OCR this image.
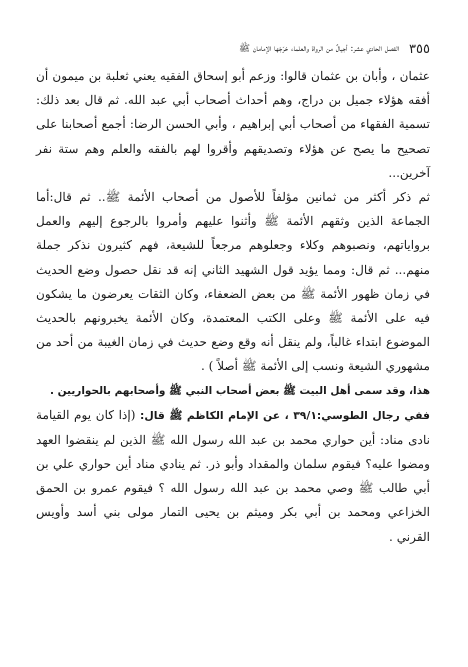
٣٥٥
الفصل الحادي عشر: أجيالٌ من الرواة والعلماء خرّجَها الإمامان ﷺ

عثمان ، وأبان بن عثمان قالوا: وزعم أبو إسحاق الفقيه يعني ثعلبة بن ميمون أن أفقه هؤلاء جميل بن دراج، وهم أحداث أصحاب أبي عبد الله. ثم قال بعد ذلك: تسمية الفقهاء من أصحاب أبي إبراهيم ، وأبي الحسن الرضا: أجمع أصحابنا على تصحيح ما يصح عن هؤلاء وتصديقهم وأقروا لهم بالفقه والعلم وهم ستة نفر آخرين...

ثم ذكر أكثر من ثمانين مؤلفاً للأصول من أصحاب الأئمة ﷺ.. ثم قال:أما الجماعة الذين وثقهم الأئمة ﷺ وأثنوا عليهم وأمروا بالرجوع إليهم والعمل برواياتهم، ونصبوهم وكلاء وجعلوهم مرجعاً للشيعة، فهم كثيرون نذكر جملة منهم... ثم قال: ومما يؤيد قول الشهيد الثاني إنه قد نقل حصول وضع الحديث في زمان ظهور الأئمة ﷺ من بعض الضعفاء، وكان الثقات يعرضون ما يشكون فيه على الأئمة ﷺ وعلى الكتب المعتمدة، وكان الأئمة يخبرونهم بالحديث الموضوع ابتداء غالباً، ولم ينقل أنه وقع وضع حديث في زمان الغيبة من أحد من مشهوري الشيعة ونسب إلى الأئمة ﷺ أصلاً ) .

هذا، وقد سمى أهل البيت ﷺ بعض أصحاب النبي ﷺ وأصحابهم بالحواريين .

ففي رجال الطوسي:٣٩/١ ، عن الإمام الكاظم ﷺ قال: (إذا كان يوم القيامة نادى مناد: أين حواري محمد بن عبد الله رسول الله ﷺ الذين لم ينقضوا العهد ومضوا عليه؟ فيقوم سلمان والمقداد وأبو ذر. ثم ينادي مناد أين حواري علي بن أبي طالب ﷺ وصي محمد بن عبد الله رسول الله ؟ فيقوم عمرو بن الحمق الخزاعي ومحمد بن أبي بكر وميثم بن يحيى التمار مولى بني أسد وأويس القرني .
